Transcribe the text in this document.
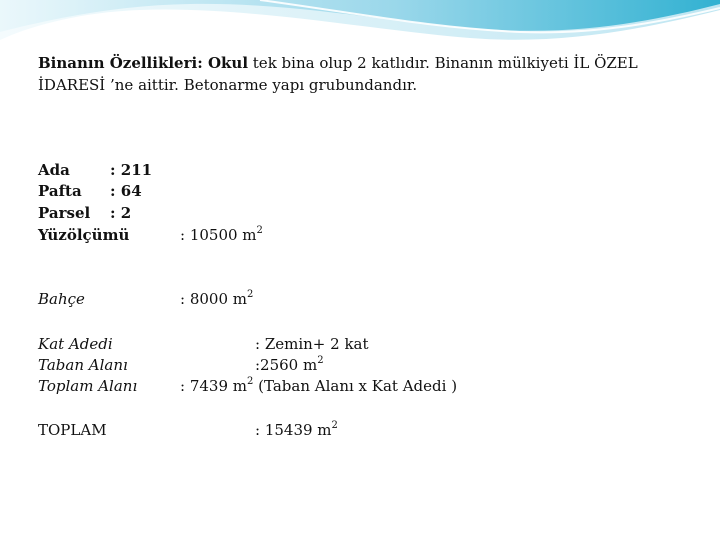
Binanın Özellikleri: Okul tek bina olup 2 katlıdır. Binanın mülkiyeti İL ÖZEL İDARESİ ’ne aittir. Betonarme yapı grubundandır.
Ada	: 211
Pafta : 64
Parsel : 2
Yüzölçümü	: 10500 $m^2$
Bahçe	: 8000 $m^2$
Kat Adedi	: Zemin+ 2 kat
Taban Alanı	:2560 $m^2$
Toplam Alanı	: 7439 $m^2$ (Taban Alanı x Kat Adedi )
TOPLAM	: 15439 $m^2$
